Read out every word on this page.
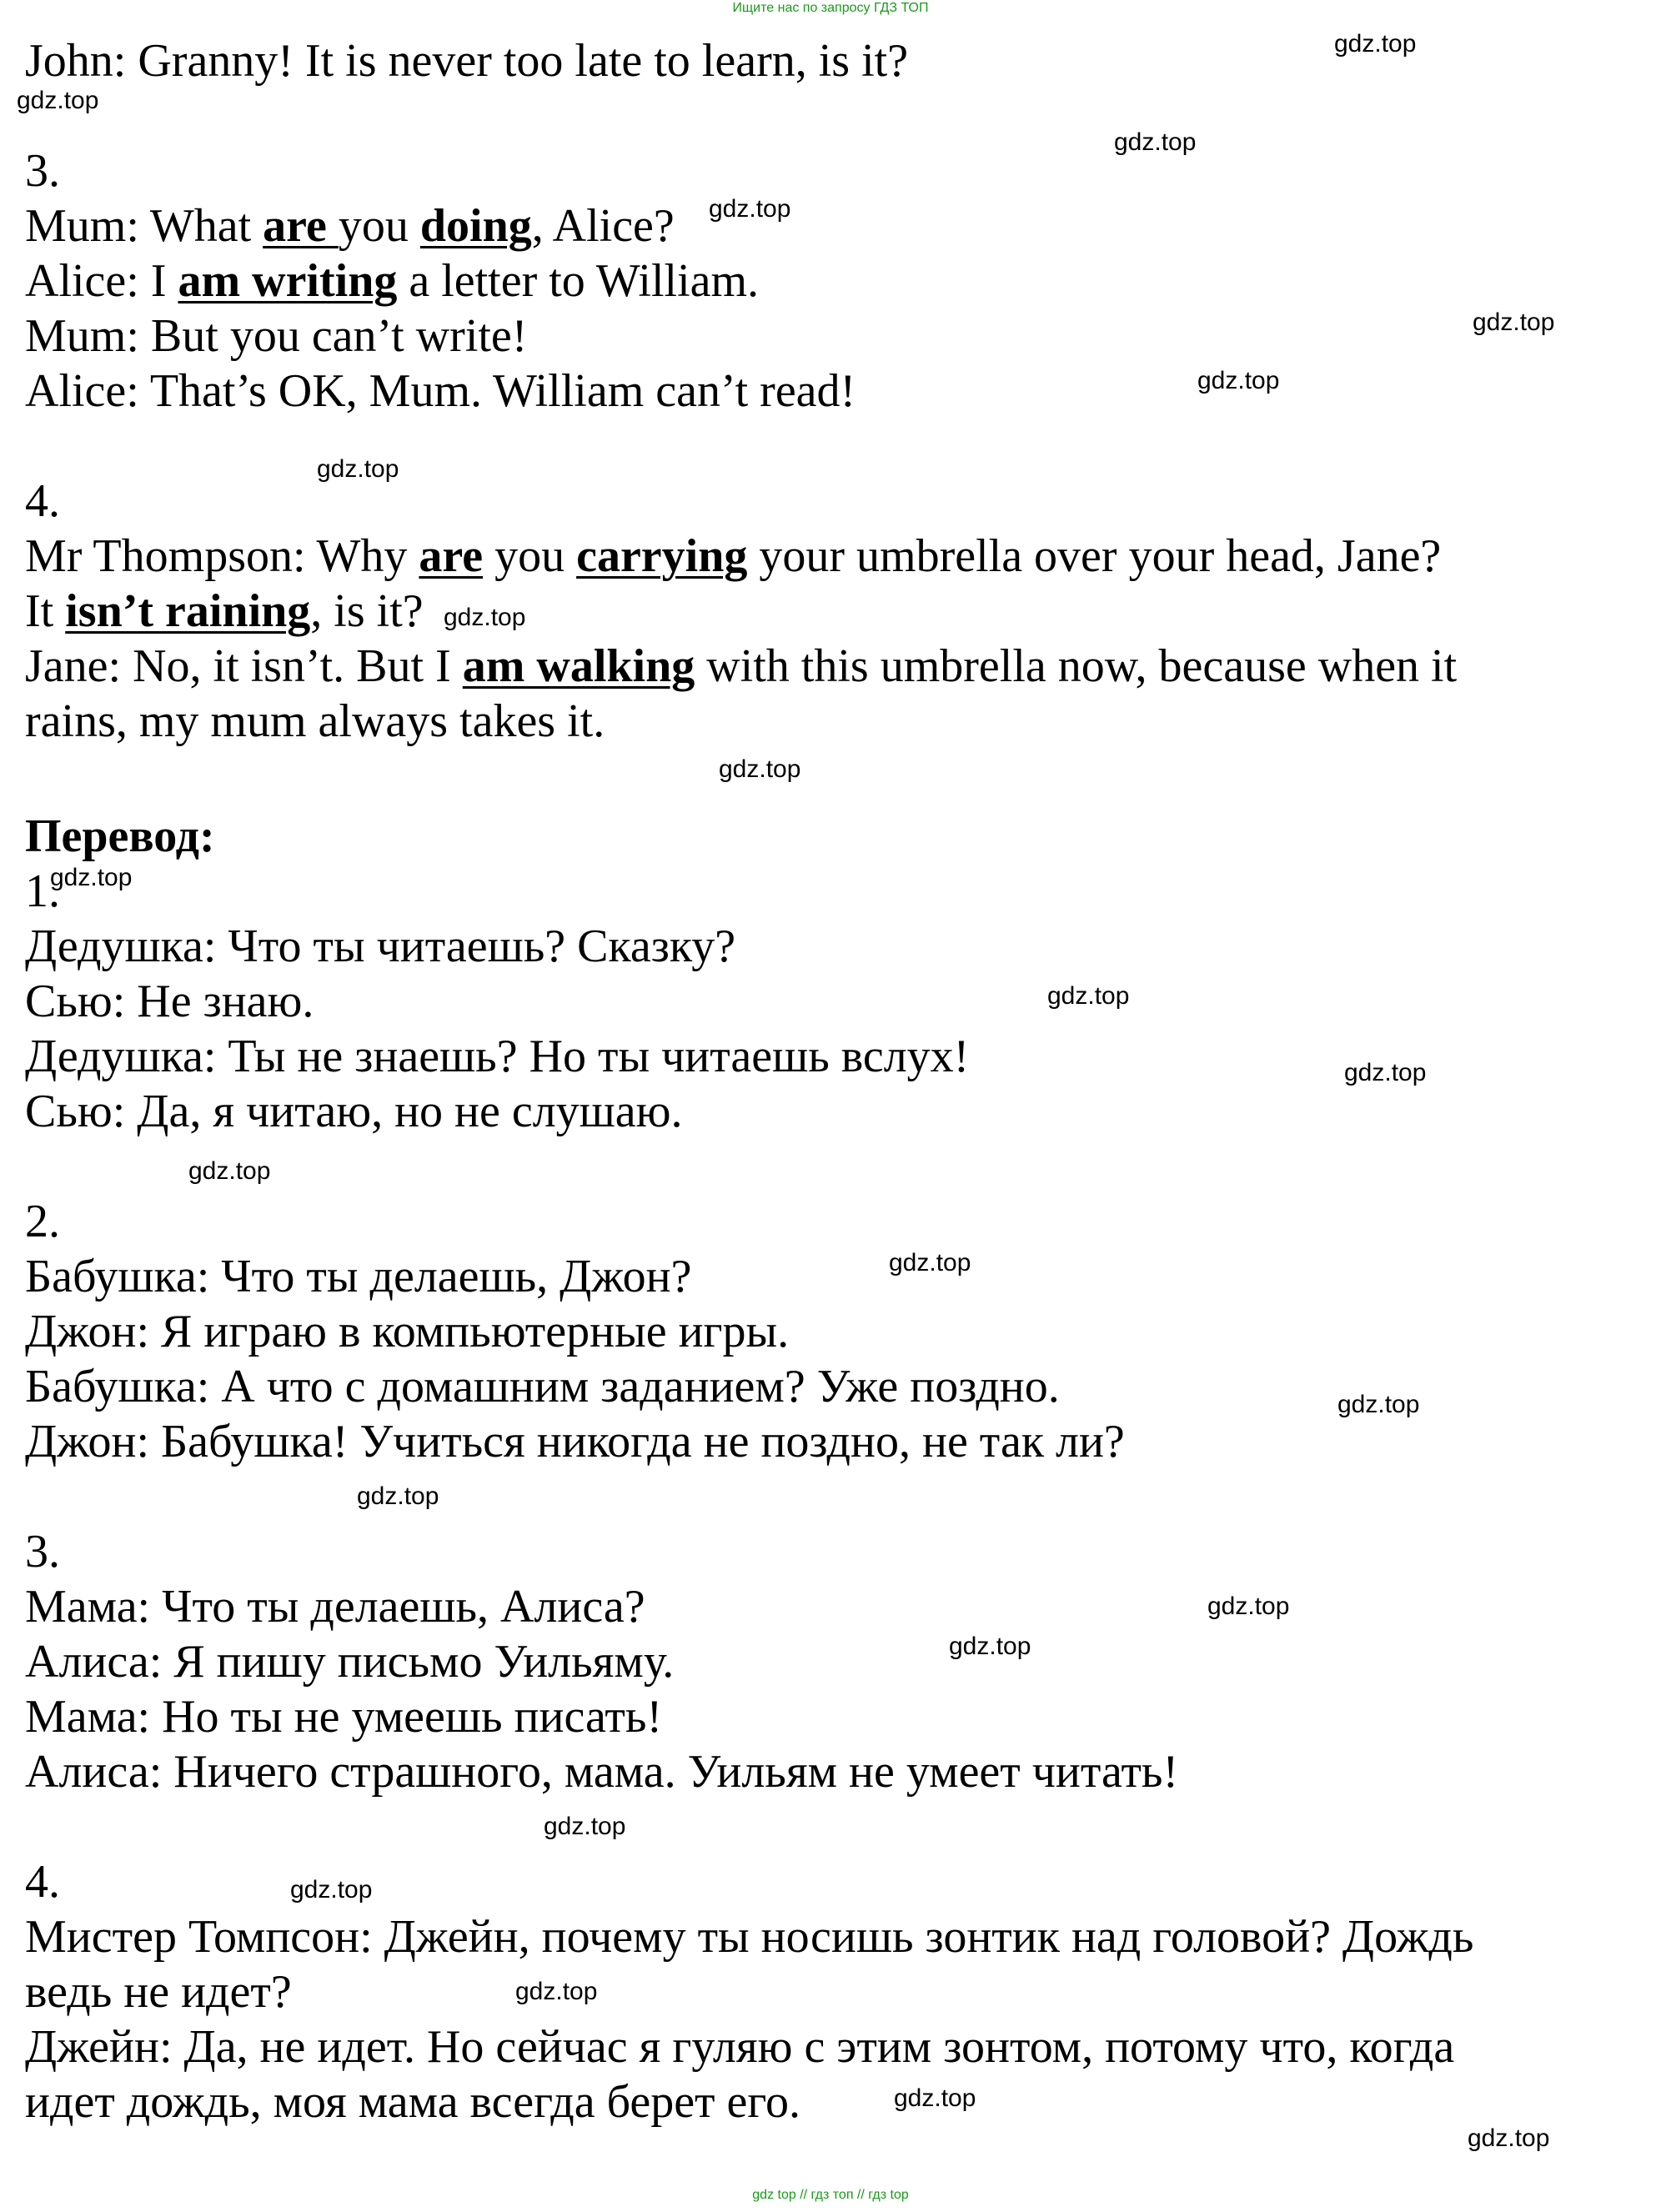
Ищите нас по запросу ГДЗ ТОП

John: Granny! It is never too late to learn, is it?

3.

Mum: What are you doing, Alice?

Alice: I am writing a letter to William.

Mum: But you can’t write!

Alice: That’s OK, Mum. William can’t read!

4.

Mr Thompson: Why are you carrying your umbrella over your head, Jane?

It isn’t raining, is it?

Jane: No, it isn’t. But I am walking with this umbrella now, because when it

rains, my mum always takes it.

Перевод:

1.

Дедушка: Что ты читаешь? Сказку?

Сью: Не знаю.

Дедушка: Ты не знаешь? Но ты читаешь вслух!

Сью: Да, я читаю, но не слушаю.

2.

Бабушка: Что ты делаешь, Джон?

Джон: Я играю в компьютерные игры.

Бабушка: А что с домашним заданием? Уже поздно.

Джон: Бабушка! Учиться никогда не поздно, не так ли?

3.

Мама: Что ты делаешь, Алиса?

Алиса: Я пишу письмо Уильяму.

Мама: Но ты не умеешь писать!

Алиса: Ничего страшного, мама. Уильям не умеет читать!

4.

Мистер Томпсон: Джейн, почему ты носишь зонтик над головой? Дождь

ведь не идет?

Джейн: Да, не идет. Но сейчас я гуляю с этим зонтом, потому что, когда

идет дождь, моя мама всегда берет его.

gdz.top
gdz.top
gdz.top
gdz.top
gdz.top
gdz.top
gdz.top
gdz.top
gdz.top
gdz.top
gdz.top
gdz.top
gdz.top
gdz.top
gdz.top
gdz.top
gdz.top
gdz.top
gdz.top
gdz.top
gdz.top
gdz.top
gdz.top
gdz top // гдз топ // гдз top
